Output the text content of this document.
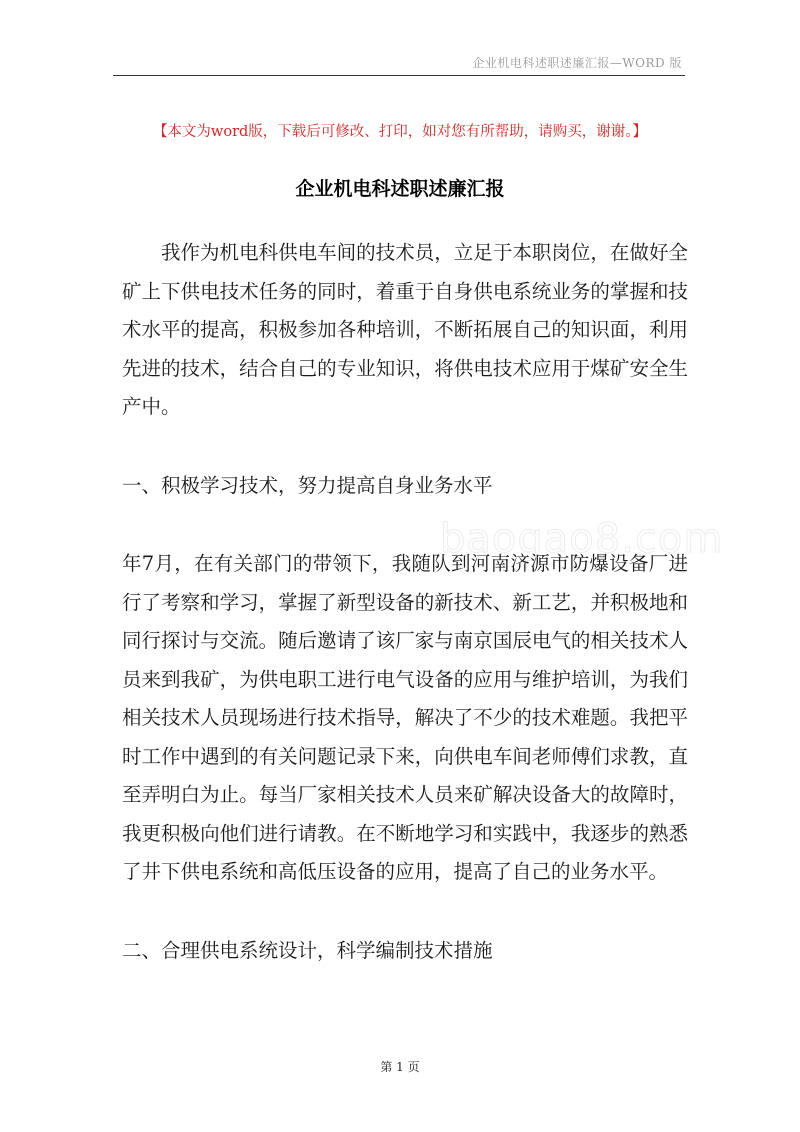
企业机电科述职述廉汇报—WORD 版
【本文为word版，下载后可修改、打印，如对您有所帮助，请购买，谢谢。】
企业机电科述职述廉汇报
baogao8.com

我作为机电科供电车间的技术员，立足于本职岗位，在做好全矿上下供电技术任务的同时，着重于自身供电系统业务的掌握和技术水平的提高，积极参加各种培训，不断拓展自己的知识面，利用先进的技术，结合自己的专业知识，将供电技术应用于煤矿安全生产中。

一、积极学习技术，努力提高自身业务水平

年7月，在有关部门的带领下，我随队到河南济源市防爆设备厂进行了考察和学习，掌握了新型设备的新技术、新工艺，并积极地和同行探讨与交流。随后邀请了该厂家与南京国辰电气的相关技术人员来到我矿，为供电职工进行电气设备的应用与维护培训，为我们相关技术人员现场进行技术指导，解决了不少的技术难题。我把平时工作中遇到的有关问题记录下来，向供电车间老师傅们求教，直至弄明白为止。每当厂家相关技术人员来矿解决设备大的故障时，我更积极向他们进行请教。在不断地学习和实践中，我逐步的熟悉了井下供电系统和高低压设备的应用，提高了自己的业务水平。

二、合理供电系统设计，科学编制技术措施

第 1 页
